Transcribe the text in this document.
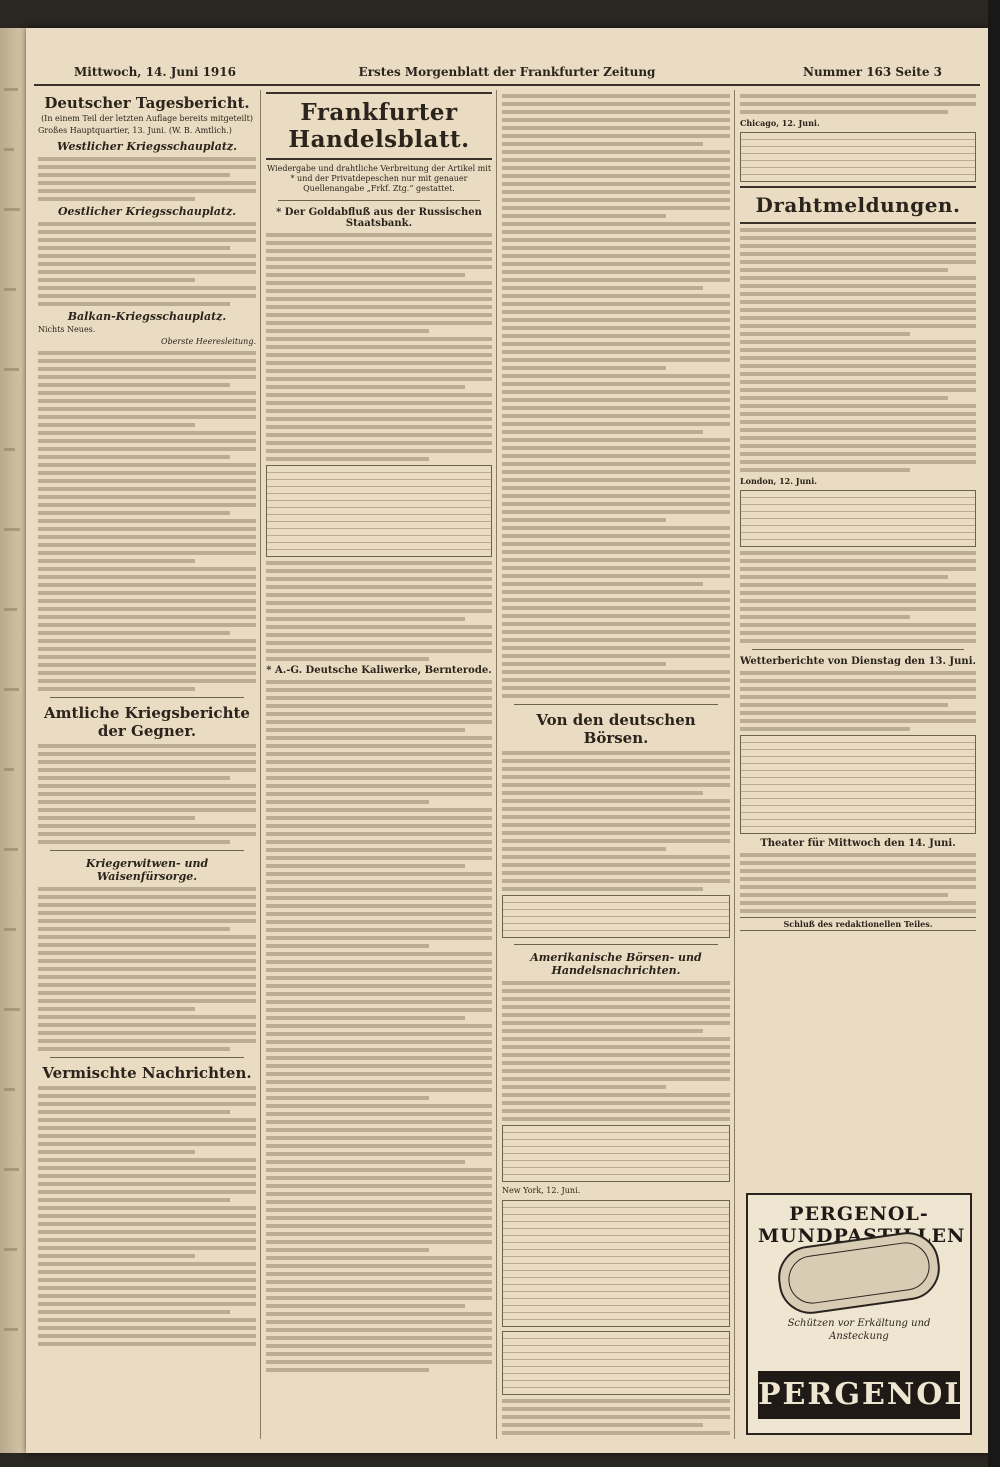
Mittwoch, 14. Juni 1916	Erstes Morgenblatt der Frankfurter Zeitung	Nummer 163 Seite 3
Deutscher Tagesbericht.
(In einem Teil der letzten Auflage bereits mitgeteilt)
Großes Hauptquartier, 13. Juni. (W. B. Amtlich.)
Westlicher Kriegsschauplatz.
Oestlicher Kriegsschauplatz.
Balkan-Kriegsschauplatz.
Nichts Neues.
Oberste Heeresleitung.
Amtliche Kriegsberichte der Gegner.
Kriegerwitwen- und Waisenfürsorge.
Vermischte Nachrichten.
Frankfurter Handelsblatt.
Wiedergabe und drahtliche Verbreitung der Artikel mit * und der Privatdepeschen nur mit genauer Quellenangabe „Frkf. Ztg.“ gestattet.
* Der Goldabfluß aus der Russischen Staatsbank.
* A.-G. Deutsche Kaliwerke, Bernterode.
Von den deutschen Börsen.
Amerikanische Börsen- und Handelsnachrichten.
New York, 12. Juni.
Chicago, 12. Juni.
Drahtmeldungen.
London, 12. Juni.
Wetterberichte von Dienstag den 13. Juni.
Theater für Mittwoch den 14. Juni.
Schluß des redaktionellen Teiles.
PERGENOL-MUNDPASTILLEN
Schützen vor Erkältung und Ansteckung
PERGENOL
